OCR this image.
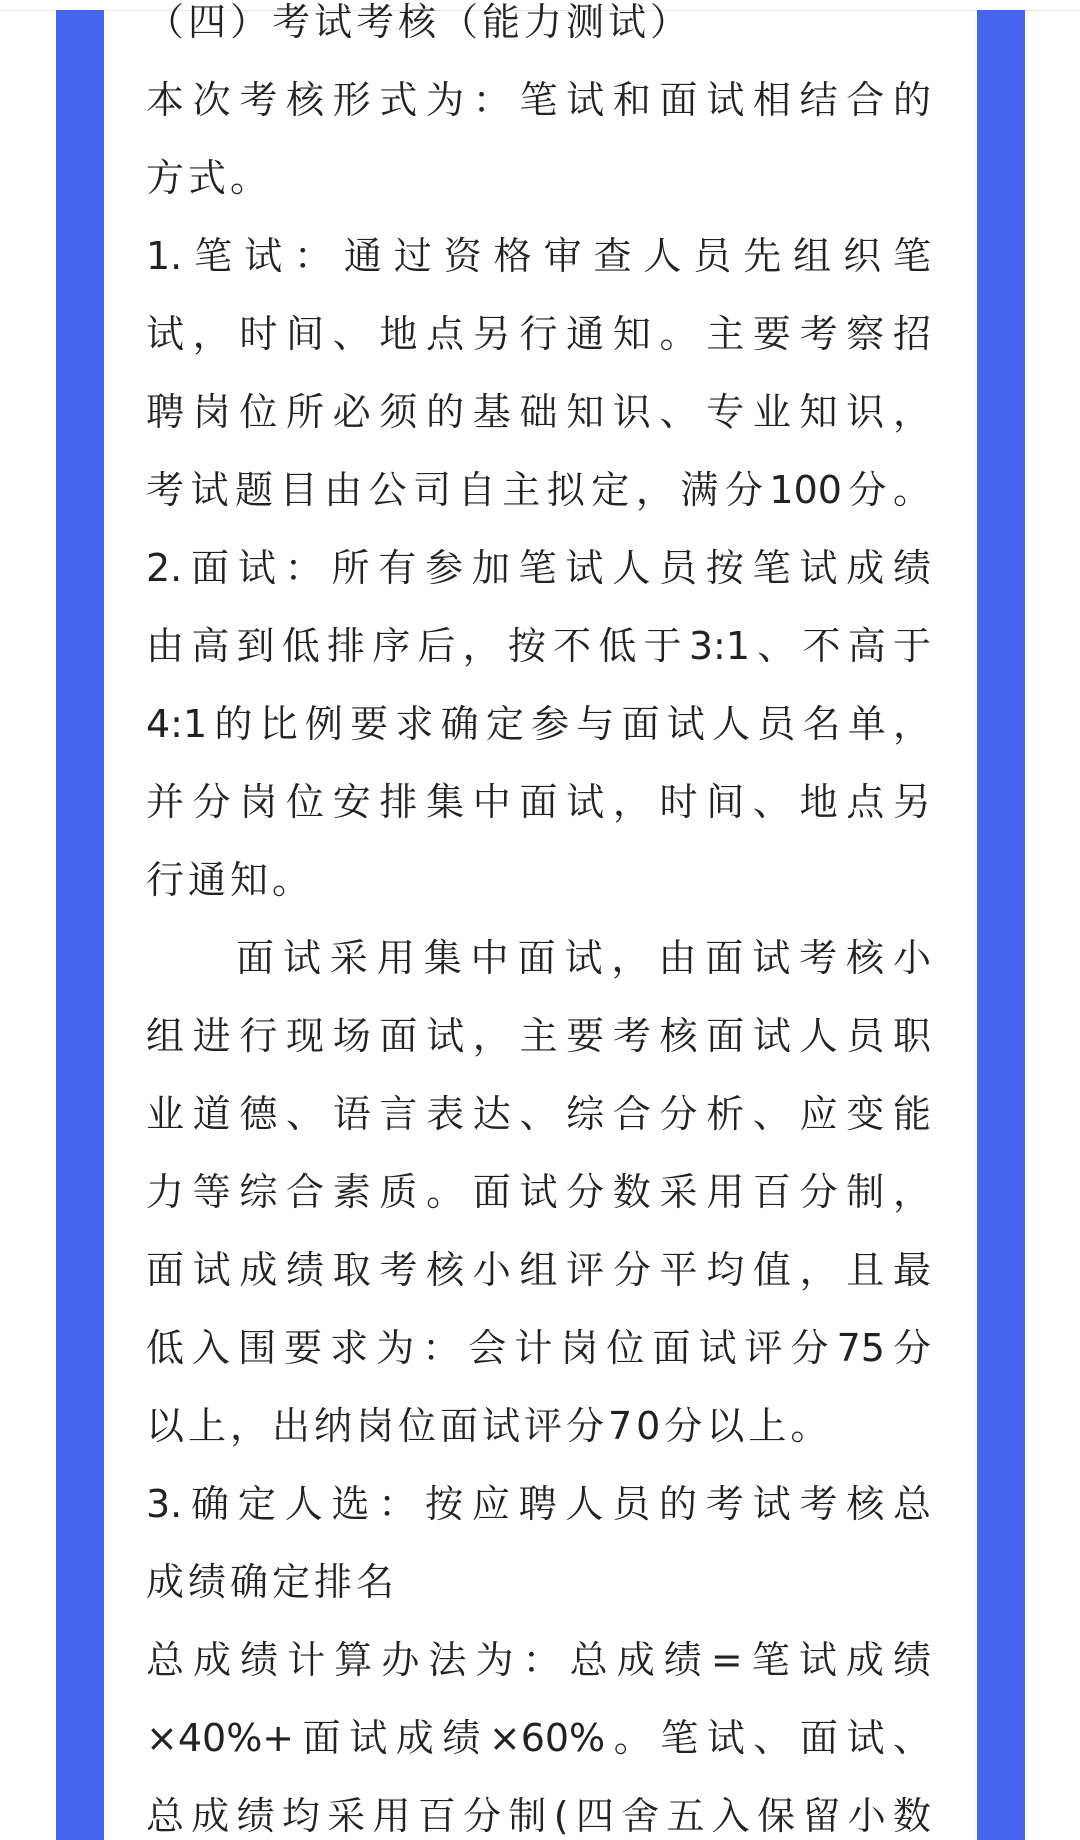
（四）考试考核（能力测试）
本次考核形式为：笔试和面试相结合的
方式。
1.笔试：通过资格审查人员先组织笔
试，时间、地点另行通知。主要考察招
聘岗位所必须的基础知识、专业知识，
考试题目由公司自主拟定，满分100分。
2.面试：所有参加笔试人员按笔试成绩
由高到低排序后，按不低于3:1、不高于
4:1的比例要求确定参与面试人员名单，
并分岗位安排集中面试，时间、地点另
行通知。
面试采用集中面试，由面试考核小
组进行现场面试，主要考核面试人员职
业道德、语言表达、综合分析、应变能
力等综合素质。面试分数采用百分制，
面试成绩取考核小组评分平均值，且最
低入围要求为：会计岗位面试评分75分
以上，出纳岗位面试评分70分以上。
3.确定人选：按应聘人员的考试考核总
成绩确定排名
总成绩计算办法为：总成绩=笔试成绩
×40%+面试成绩×60%。笔试、面试、
总成绩均采用百分制(四舍五入保留小数
